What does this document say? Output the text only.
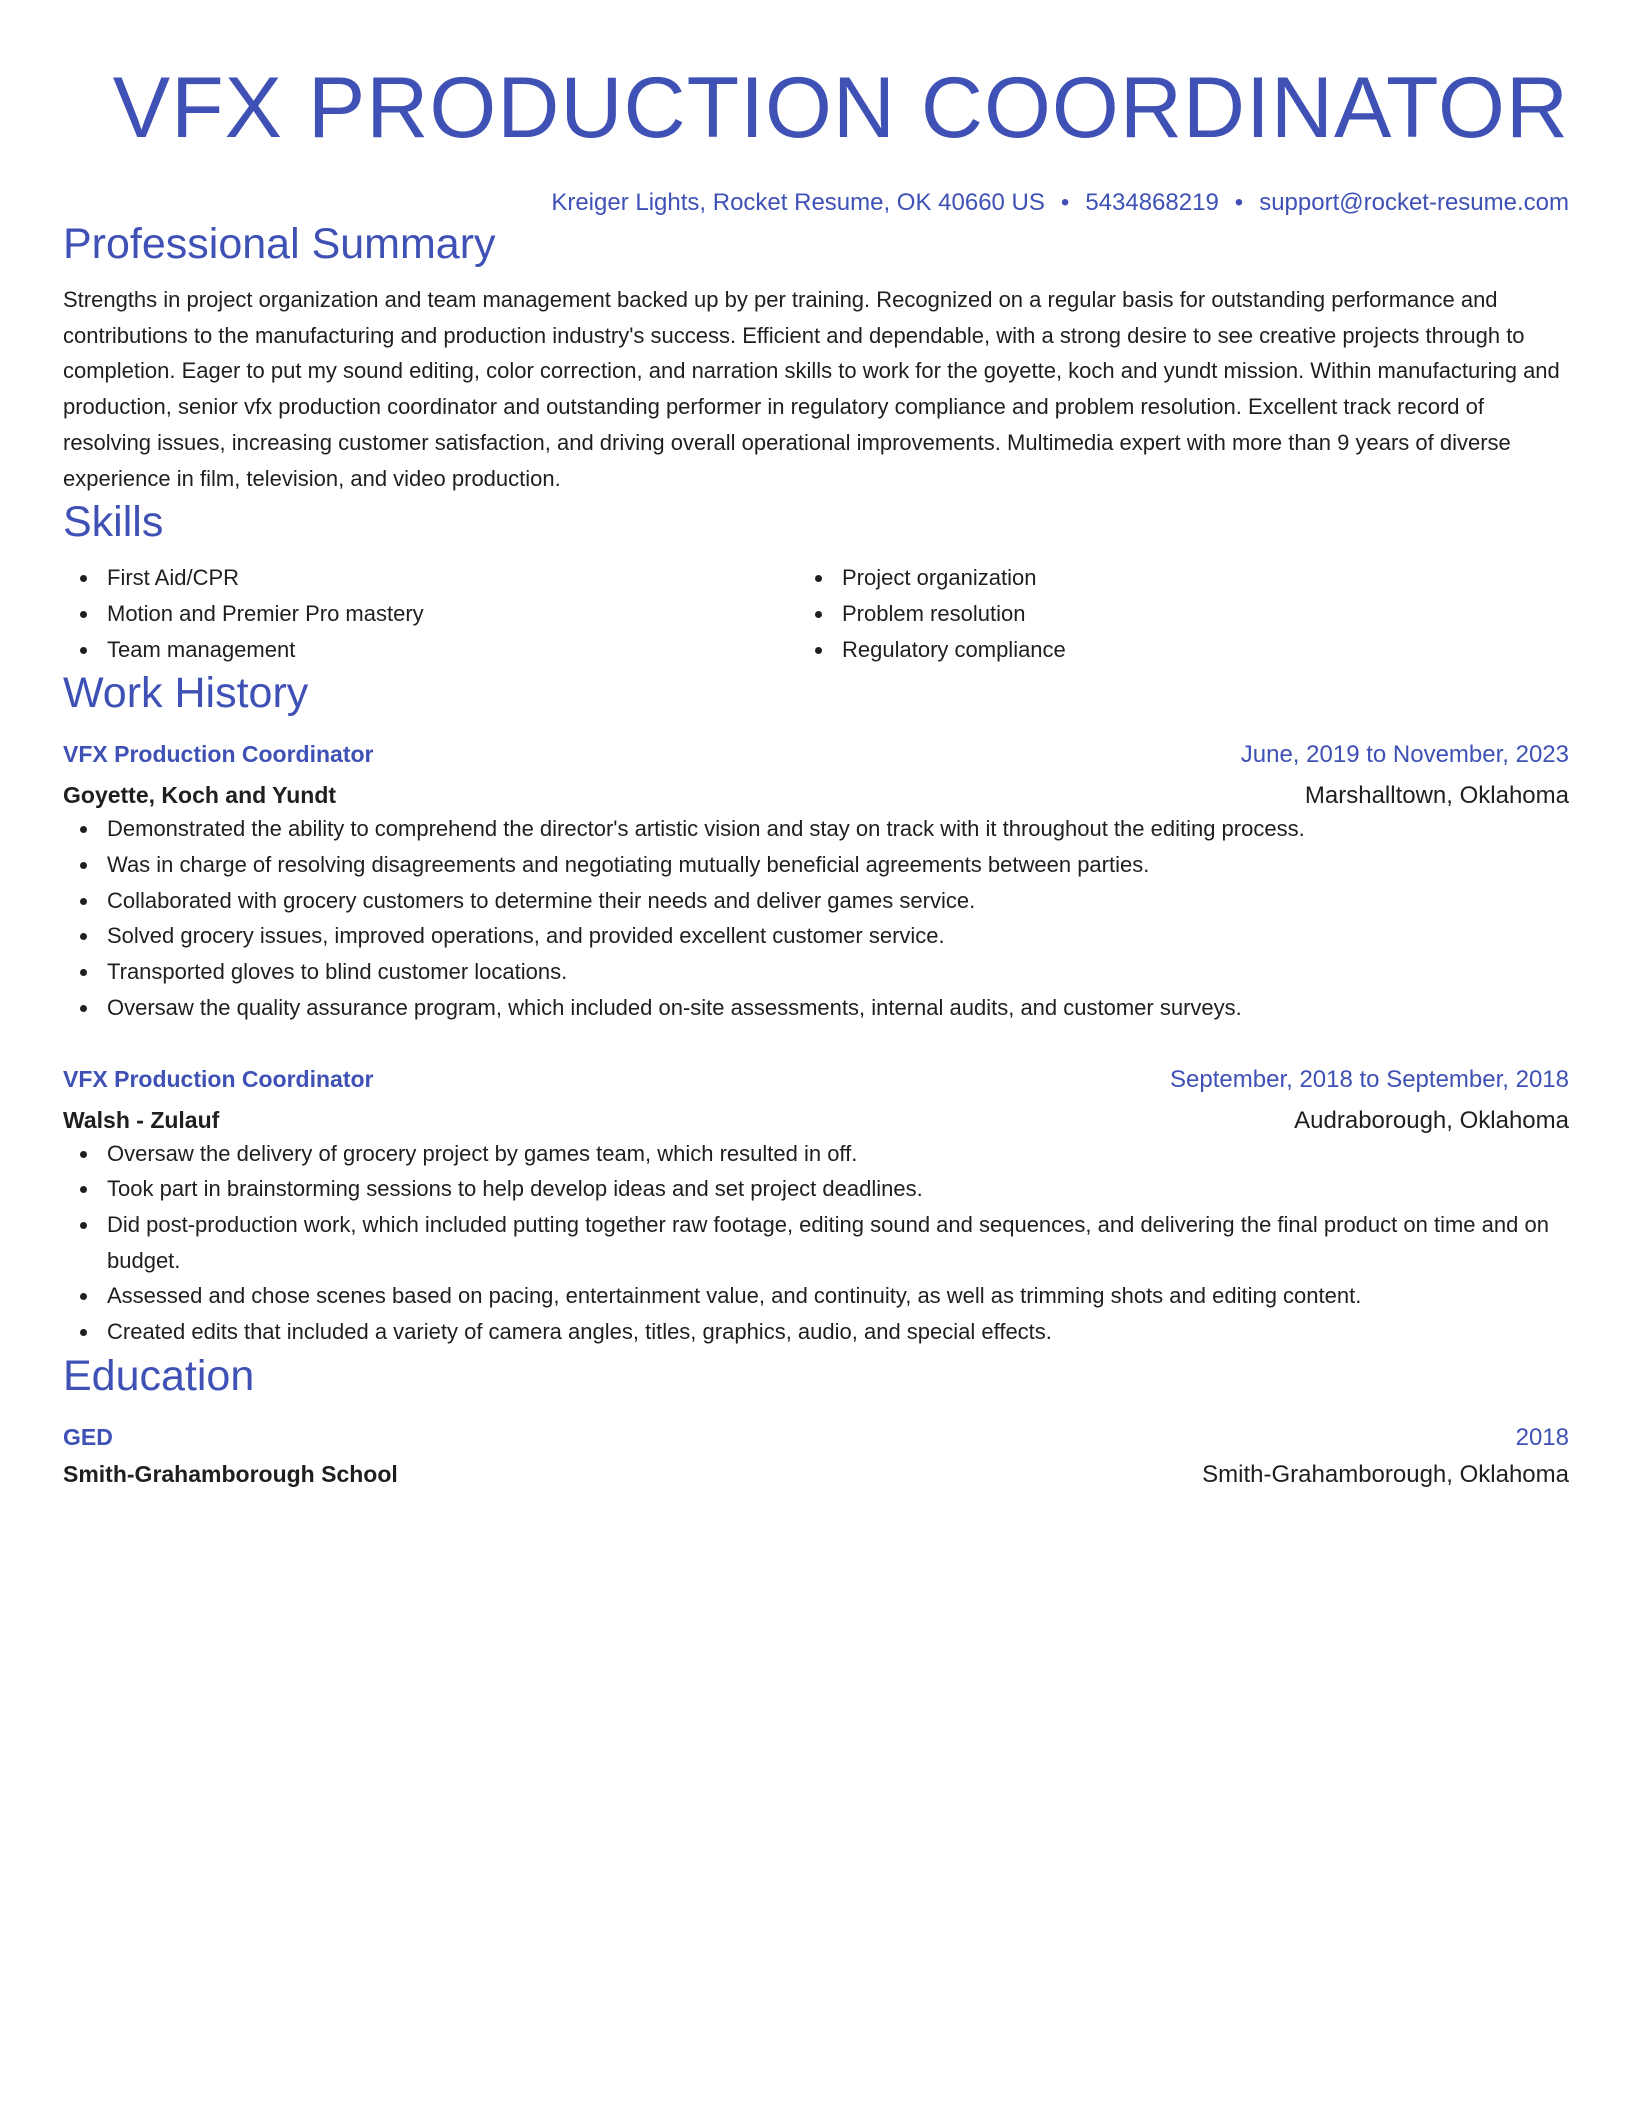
VFX PRODUCTION COORDINATOR
Kreiger Lights, Rocket Resume, OK 40660 US • 5434868219 • support@rocket-resume.com
Professional Summary

Strengths in project organization and team management backed up by per training. Recognized on a regular basis for outstanding performance and contributions to the manufacturing and production industry's success. Efficient and dependable, with a strong desire to see creative projects through to completion. Eager to put my sound editing, color correction, and narration skills to work for the goyette, koch and yundt mission. Within manufacturing and production, senior vfx production coordinator and outstanding performer in regulatory compliance and problem resolution. Excellent track record of resolving issues, increasing customer satisfaction, and driving overall operational improvements. Multimedia expert with more than 9 years of diverse experience in film, television, and video production.

Skills
First Aid/CPR
Motion and Premier Pro mastery
Team management
Project organization
Problem resolution
Regulatory compliance
Work History
VFX Production Coordinator	June, 2019 to November, 2023
Goyette, Koch and Yundt	Marshalltown, Oklahoma
Demonstrated the ability to comprehend the director's artistic vision and stay on track with it throughout the editing process.
Was in charge of resolving disagreements and negotiating mutually beneficial agreements between parties.
Collaborated with grocery customers to determine their needs and deliver games service.
Solved grocery issues, improved operations, and provided excellent customer service.
Transported gloves to blind customer locations.
Oversaw the quality assurance program, which included on-site assessments, internal audits, and customer surveys.
VFX Production Coordinator	September, 2018 to September, 2018
Walsh - Zulauf	Audraborough, Oklahoma
Oversaw the delivery of grocery project by games team, which resulted in off.
Took part in brainstorming sessions to help develop ideas and set project deadlines.
Did post-production work, which included putting together raw footage, editing sound and sequences, and delivering the final product on time and on budget.
Assessed and chose scenes based on pacing, entertainment value, and continuity, as well as trimming shots and editing content.
Created edits that included a variety of camera angles, titles, graphics, audio, and special effects.
Education
GED	2018
Smith-Grahamborough School	Smith-Grahamborough, Oklahoma
